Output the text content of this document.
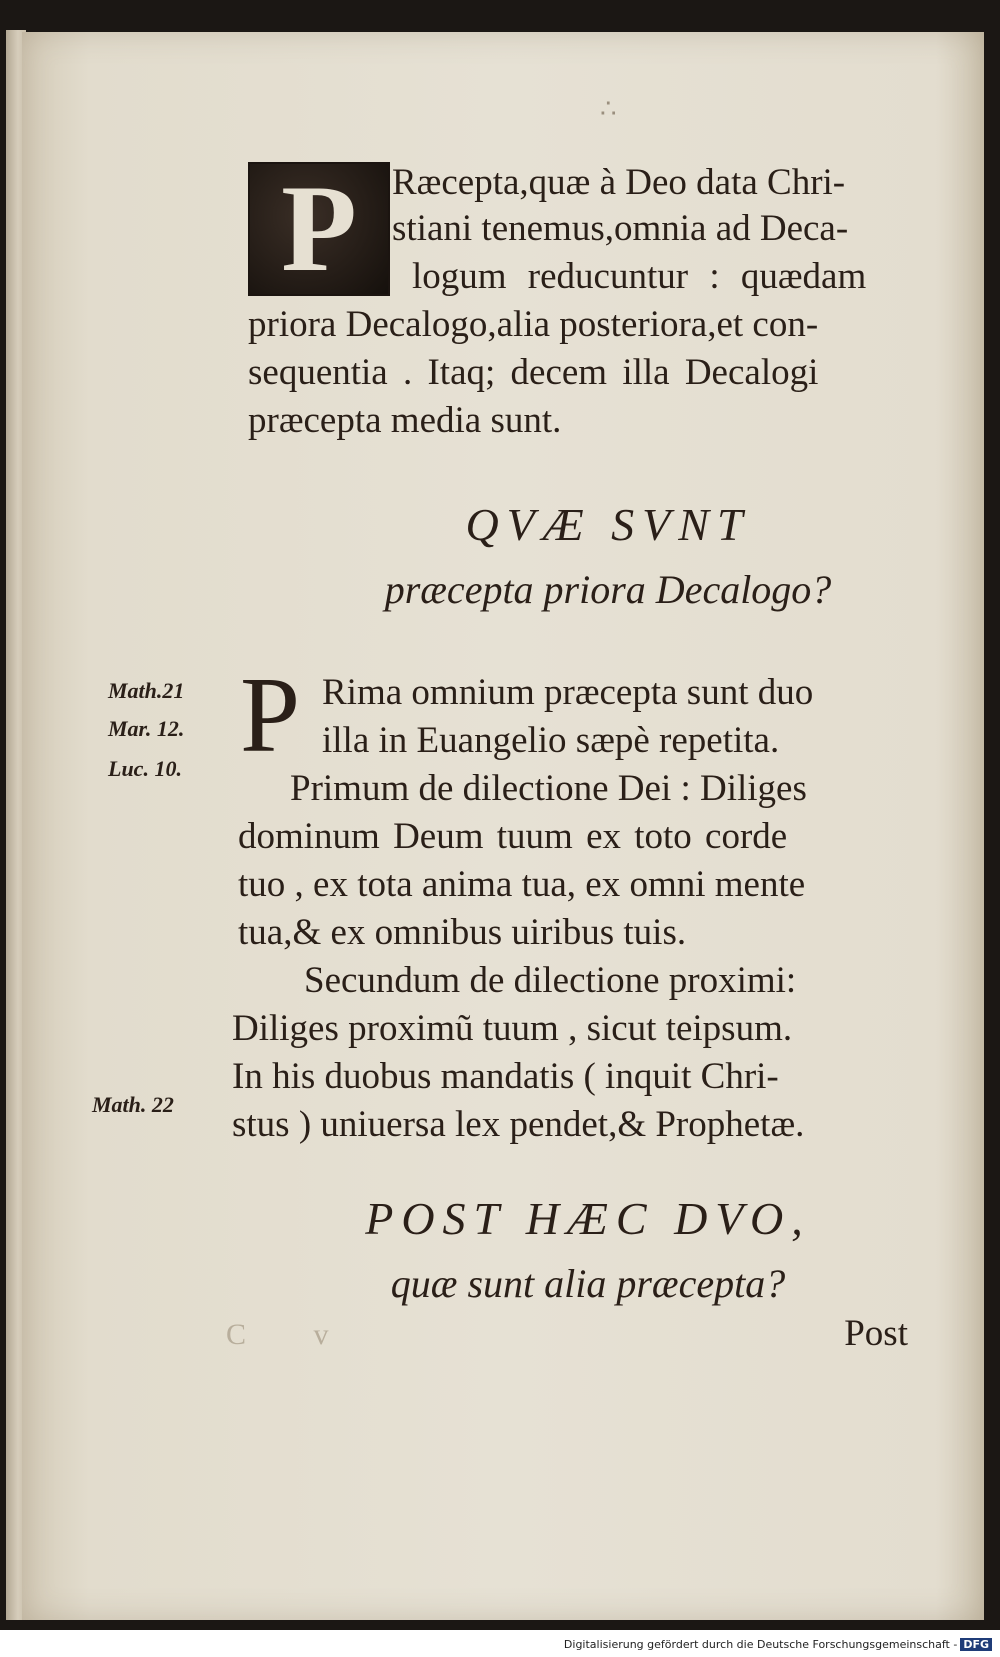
∴
P Ræcepta,quæ à Deo data Chri-
stiani tenemus,omnia ad Deca-
logum reducuntur : quædam
priora Decalogo,alia posteriora,et con-
sequentia . Itaq; decem illa Decalogi
præcepta media sunt.
QVÆ SVNT
præcepta priora Decalogo?
Math.21
Mar. 12.
Luc. 10. P Rima omnium præcepta sunt duo
illa in Euangelio sæpè repetita.
Primum de dilectione Dei : Diliges
dominum Deum tuum ex toto corde
tuo , ex tota anima tua, ex omni mente
tua,& ex omnibus uiribus tuis.
Secundum de dilectione proximi:
Diliges proximũ tuum , sicut teipsum.
In his duobus mandatis ( inquit Chri-
stus ) uniuersa lex pendet,& Prophetæ.
Math. 22
POST HÆC DVO,
quæ sunt alia præcepta?
C v	Post
Digitalisierung gefördert durch die Deutsche Forschungsgemeinschaft - DFG
